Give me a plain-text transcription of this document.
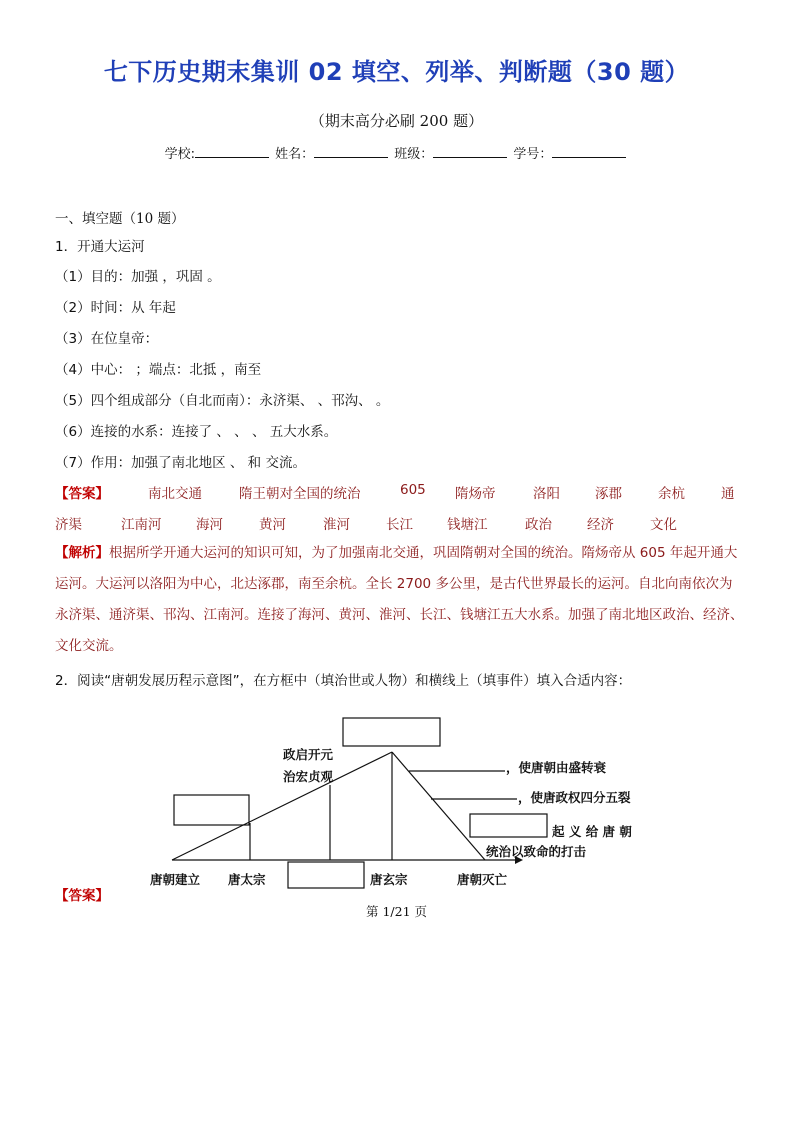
七下历史期末集训 02 填空、列举、判断题（30 题）
（期末高分必刷 200 题）
学校:	姓名：	班级：	学号：
一、填空题（10 题）
1．开通大运河
（1）目的：加强 ，巩固 。
（2）时间：从 年起
（3）在位皇帝：
（4）中心： ；端点：北抵 ，南至
（5）四个组成部分（自北而南）：永济渠、 、邗沟、 。
（6）连接的水系：连接了 、 、 、 五大水系。
（7）作用：加强了南北地区 、 和 交流。
【答案】	南北交通	隋王朝对全国的统治	605 隋炀帝	洛阳	涿郡	余杭	通
济渠	江南河	海河	黄河	淮河	长江	钱塘江	政治	经济	文化
【解析】根据所学开通大运河的知识可知，为了加强南北交通，巩固隋朝对全国的统治。隋炀帝从 605 年起开通大运河。大运河以洛阳为中心，北达涿郡，南至余杭。全长 2700 多公里，是古代世界最长的运河。自北向南依次为永济渠、通济渠、邗沟、江南河。连接了海河、黄河、淮河、长江、钱塘江五大水系。加强了南北地区政治、经济、文化交流。
2．阅读“唐朝发展历程示意图”，在方框中（填治世或人物）和横线上（填事件）填入合适内容：
政启开元
治宏贞观
，使唐朝由盛转衰
，使唐政权四分五裂
起 义 给 唐 朝
统治以致命的打击
唐朝建立 唐太宗	唐玄宗	唐朝灭亡
【答案】
第 1/21 页
